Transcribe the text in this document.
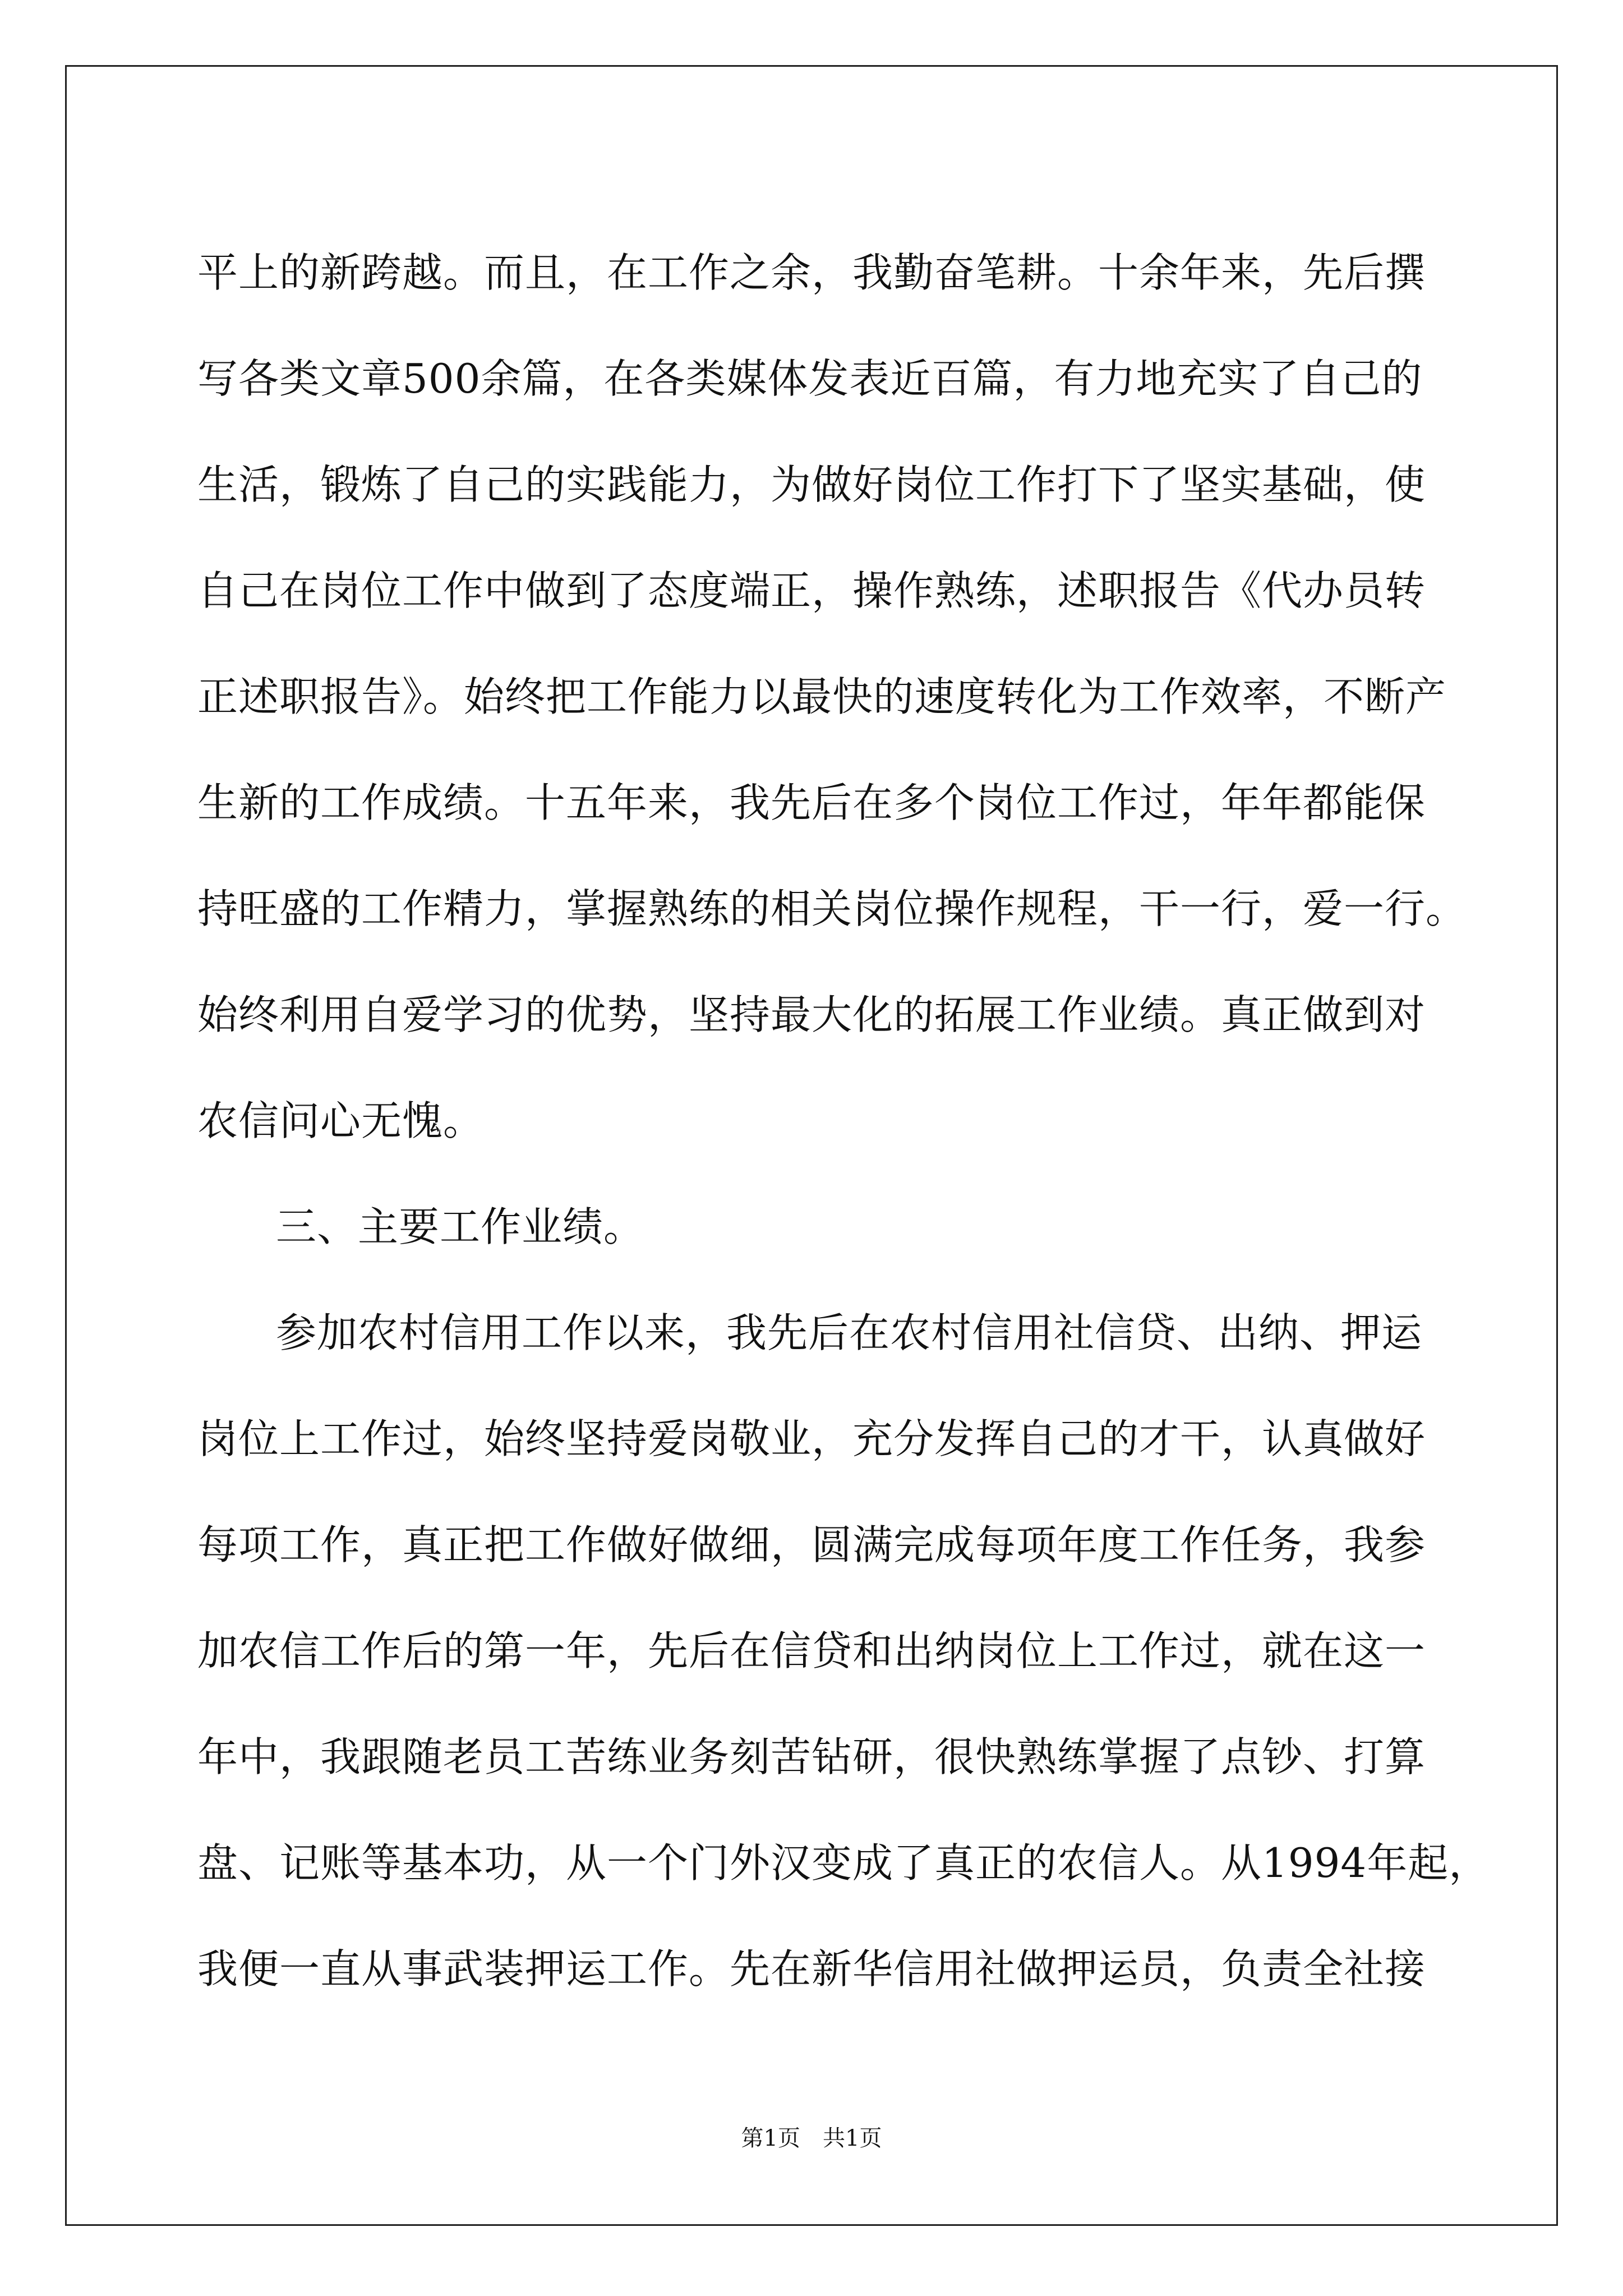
平上的新跨越。而且，在工作之余，我勤奋笔耕。十余年来，先后撰
写各类文章500余篇，在各类媒体发表近百篇，有力地充实了自己的
生活，锻炼了自己的实践能力，为做好岗位工作打下了坚实基础，使
自己在岗位工作中做到了态度端正，操作熟练，述职报告《代办员转
正述职报告》。始终把工作能力以最快的速度转化为工作效率，不断产
生新的工作成绩。十五年来，我先后在多个岗位工作过，年年都能保
持旺盛的工作精力，掌握熟练的相关岗位操作规程，干一行，爱一行。
始终利用自爱学习的优势，坚持最大化的拓展工作业绩。真正做到对
农信问心无愧。
三、主要工作业绩。
参加农村信用工作以来，我先后在农村信用社信贷、出纳、押运
岗位上工作过，始终坚持爱岗敬业，充分发挥自己的才干，认真做好
每项工作，真正把工作做好做细，圆满完成每项年度工作任务，我参
加农信工作后的第一年，先后在信贷和出纳岗位上工作过，就在这一
年中，我跟随老员工苦练业务刻苦钻研，很快熟练掌握了点钞、打算
盘、记账等基本功，从一个门外汉变成了真正的农信人。从1994年起，
我便一直从事武装押运工作。先在新华信用社做押运员，负责全社接
第1页　共1页
